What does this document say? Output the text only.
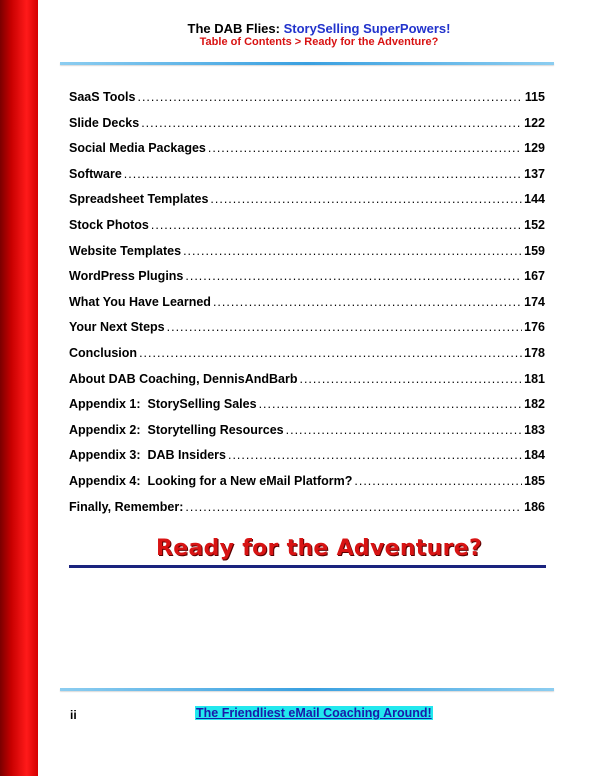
The DAB Flies: StorySelling SuperPowers!
Table of Contents > Ready for the Adventure?
SaaS Tools .....	115
Slide Decks .....	122
Social Media Packages .....	129
Software .....	137
Spreadsheet Templates .....	144
Stock Photos .....	152
Website Templates .....	159
WordPress Plugins .....	167
What You Have Learned .....	174
Your Next Steps .....	176
Conclusion .....	178
About DAB Coaching, DennisAndBarb .....	181
Appendix 1:  StorySelling Sales .....	182
Appendix 2:  Storytelling Resources .....	183
Appendix 3:  DAB Insiders .....	184
Appendix 4:  Looking for a New eMail Platform? .....	185
Finally, Remember: .....	186
Ready for the Adventure?
ii	The Friendliest eMail Coaching Around!
